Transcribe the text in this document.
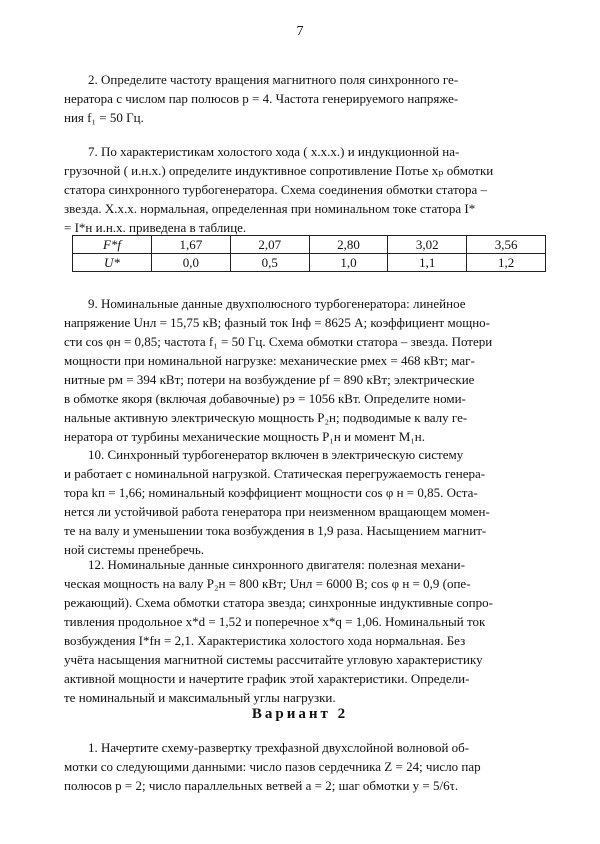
7
2. Определите частоту вращения магнитного поля синхронного ге-
нератора с числом пар полюсов p = 4. Частота генерируемого напряже-
ния f₁ = 50 Гц.
7. По характеристикам холостого хода ( х.х.х.) и индукционной на-
грузочной ( и.н.х.) определите индуктивное сопротивление Потье xₚ обмотки
статора синхронного турбогенератора. Схема соединения обмотки статора –
звезда. Х.х.х. нормальная, определенная при номинальном токе статора I*
= I*н и.н.х. приведена в таблице.
F*f	1,67	2,07	2,80	3,02	3,56
U*	0,0	0,5	1,0	1,1	1,2
9. Номинальные данные двухполюсного турбогенератора: линейное
напряжение Uнл = 15,75 кВ; фазный ток Iнф = 8625 А; коэффициент мощно-
сти cos φн = 0,85; частота f₁ = 50 Гц. Схема обмотки статора – звезда. Потери
мощности при номинальной нагрузке: механические pмех = 468 кВт; маг-
нитные pм = 394 кВт; потери на возбуждение pf = 890 кВт; электрические
в обмотке якоря (включая добавочные) pэ = 1056 кВт. Определите номи-
нальные активную электрическую мощность P₂н; подводимые к валу ге-
нератора от турбины механические мощность P₁н и момент M₁н.
10. Синхронный турбогенератор включен в электрическую систему
и работает с номинальной нагрузкой. Статическая перегружаемость генера-
тора kп = 1,66; номинальный коэффициент мощности cos φ н = 0,85. Оста-
нется ли устойчивой работа генератора при неизменном вращающем момен-
те на валу и уменьшении тока возбуждения в 1,9 раза. Насыщением магнит-
ной системы пренебречь.
12. Номинальные данные синхронного двигателя: полезная механи-
ческая мощность на валу P₂н = 800 кВт; Uнл = 6000 В; cos φ н = 0,9 (опе-
режающий). Схема обмотки статора звезда; синхронные индуктивные сопро-
тивления продольное x*d = 1,52 и поперечное x*q = 1,06. Номинальный ток
возбуждения I*fн = 2,1. Характеристика холостого хода нормальная. Без
учёта насыщения магнитной системы рассчитайте угловую характеристику
активной мощности и начертите график этой характеристики. Определи-
те номинальный и максимальный углы нагрузки.
Вариант 2
1. Начертите схему-развертку трехфазной двухслойной волновой об-
мотки со следующими данными: число пазов сердечника Z = 24; число пар
полюсов p = 2; число параллельных ветвей a = 2; шаг обмотки y = 5/6τ.
